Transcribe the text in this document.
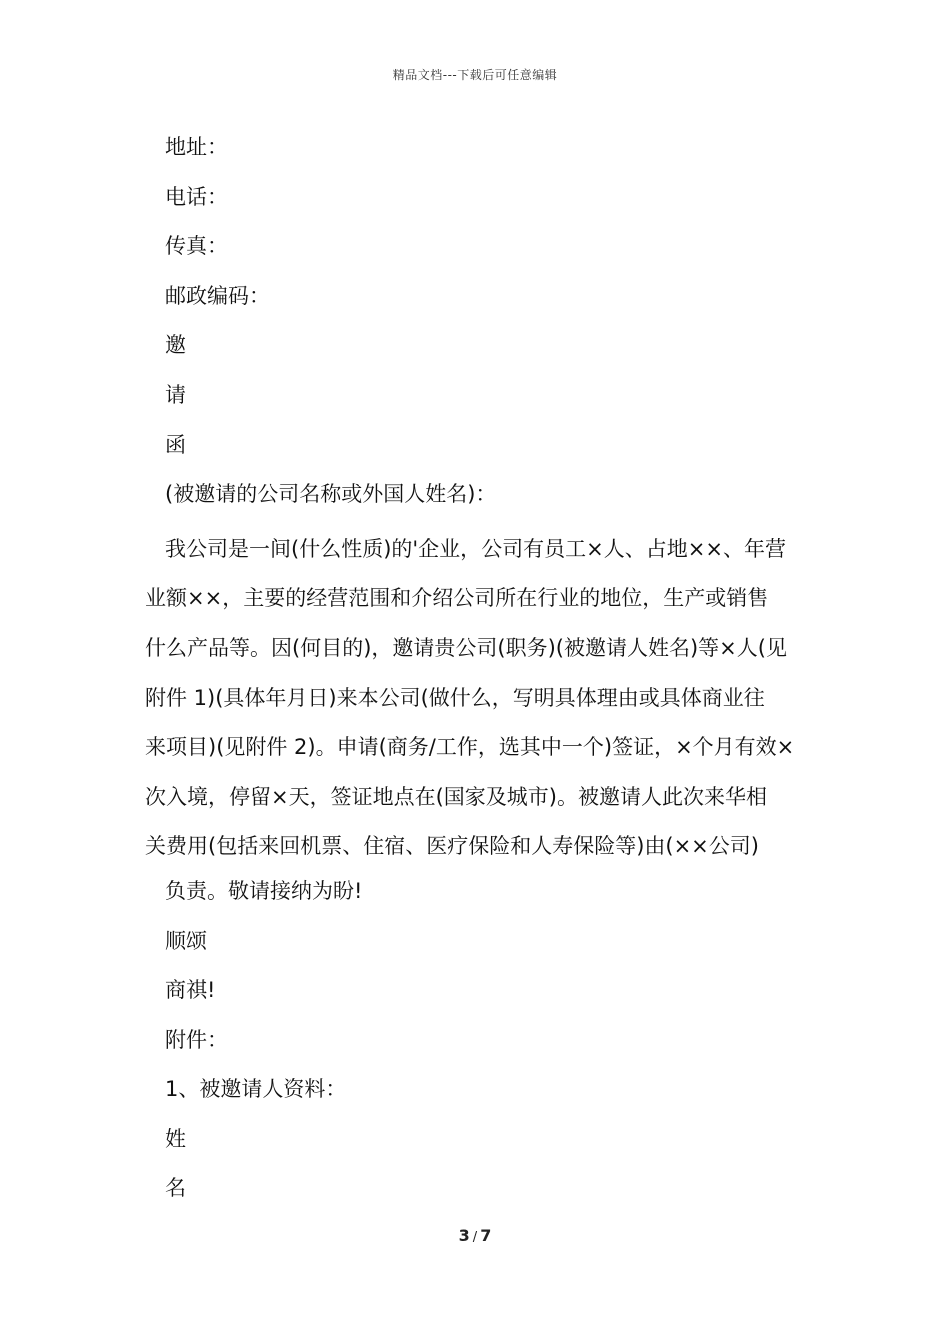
精品文档---下载后可任意编辑
地址：
电话：
传真：
邮政编码：
邀
请
函
(被邀请的公司名称或外国人姓名)：
我公司是一间(什么性质)的'企业，公司有员工×人、占地××、年营
业额××，主要的经营范围和介绍公司所在行业的地位，生产或销售
什么产品等。因(何目的)，邀请贵公司(职务)(被邀请人姓名)等×人(见
附件 1)(具体年月日)来本公司(做什么，写明具体理由或具体商业往
来项目)(见附件 2)。申请(商务/工作，选其中一个)签证，×个月有效×
次入境，停留×天，签证地点在(国家及城市)。被邀请人此次来华相
关费用(包括来回机票、住宿、医疗保险和人寿保险等)由(××公司)
负责。敬请接纳为盼!
顺颂
商祺!
附件：
1、被邀请人资料：
姓
名
3 / 7
